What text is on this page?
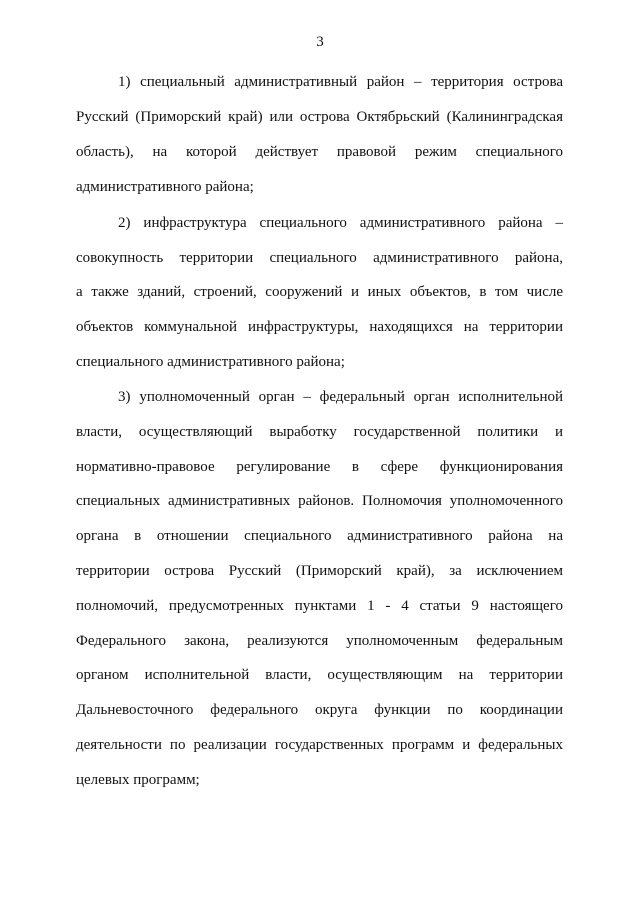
3
1) специальный административный район – территория острова
Русский (Приморский край) или острова Октябрьский (Калининградская
область), на которой действует правовой режим специального
административного района;
2) инфраструктура специального административного района –
совокупность территории специального административного района,
а также зданий, строений, сооружений и иных объектов, в том числе
объектов коммунальной инфраструктуры, находящихся на территории
специального административного района;
3) уполномоченный орган – федеральный орган исполнительной
власти, осуществляющий выработку государственной политики и
нормативно-правовое регулирование в сфере функционирования
специальных административных районов. Полномочия уполномоченного
органа в отношении специального административного района на
территории острова Русский (Приморский край), за исключением
полномочий, предусмотренных пунктами 1 - 4 статьи 9 настоящего
Федерального закона, реализуются уполномоченным федеральным
органом исполнительной власти, осуществляющим на территории
Дальневосточного федерального округа функции по координации
деятельности по реализации государственных программ и федеральных
целевых программ;
